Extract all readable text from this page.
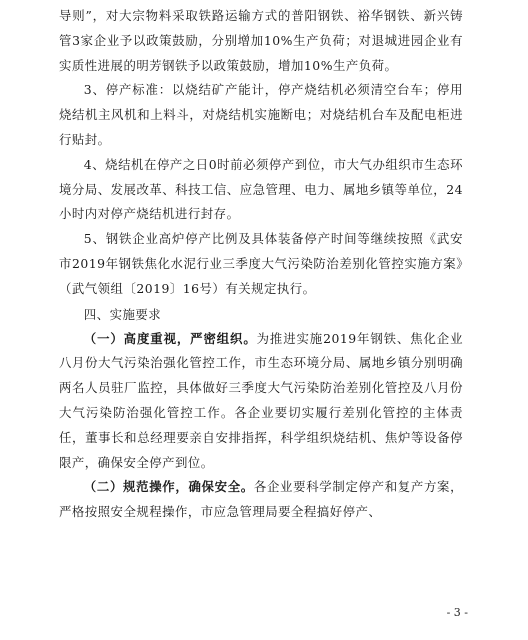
导则”，对大宗物料采取铁路运输方式的普阳钢铁、裕华钢铁、新兴铸管3家企业予以政策鼓励，分别增加10%生产负荷；对退城进园企业有实质性进展的明芳钢铁予以政策鼓励，增加10%生产负荷。

3、停产标准：以烧结矿产能计，停产烧结机必须清空台车；停用烧结机主风机和上料斗，对烧结机实施断电；对烧结机台车及配电柜进行贴封。

4、烧结机在停产之日0时前必须停产到位，市大气办组织市生态环境分局、发展改革、科技工信、应急管理、电力、属地乡镇等单位，24小时内对停产烧结机进行封存。

5、钢铁企业高炉停产比例及具体装备停产时间等继续按照《武安市2019年钢铁焦化水泥行业三季度大气污染防治差别化管控实施方案》（武气领组〔2019〕16号）有关规定执行。

四、实施要求

（一）高度重视，严密组织。为推进实施2019年钢铁、焦化企业八月份大气污染治强化管控工作，市生态环境分局、属地乡镇分别明确两名人员驻厂监控，具体做好三季度大气污染防治差别化管控及八月份大气污染防治强化管控工作。各企业要切实履行差别化管控的主体责任，董事长和总经理要亲自安排指挥，科学组织烧结机、焦炉等设备停限产，确保安全停产到位。

（二）规范操作，确保安全。各企业要科学制定停产和复产方案，严格按照安全规程操作，市应急管理局要全程搞好停产、

- 3 -
